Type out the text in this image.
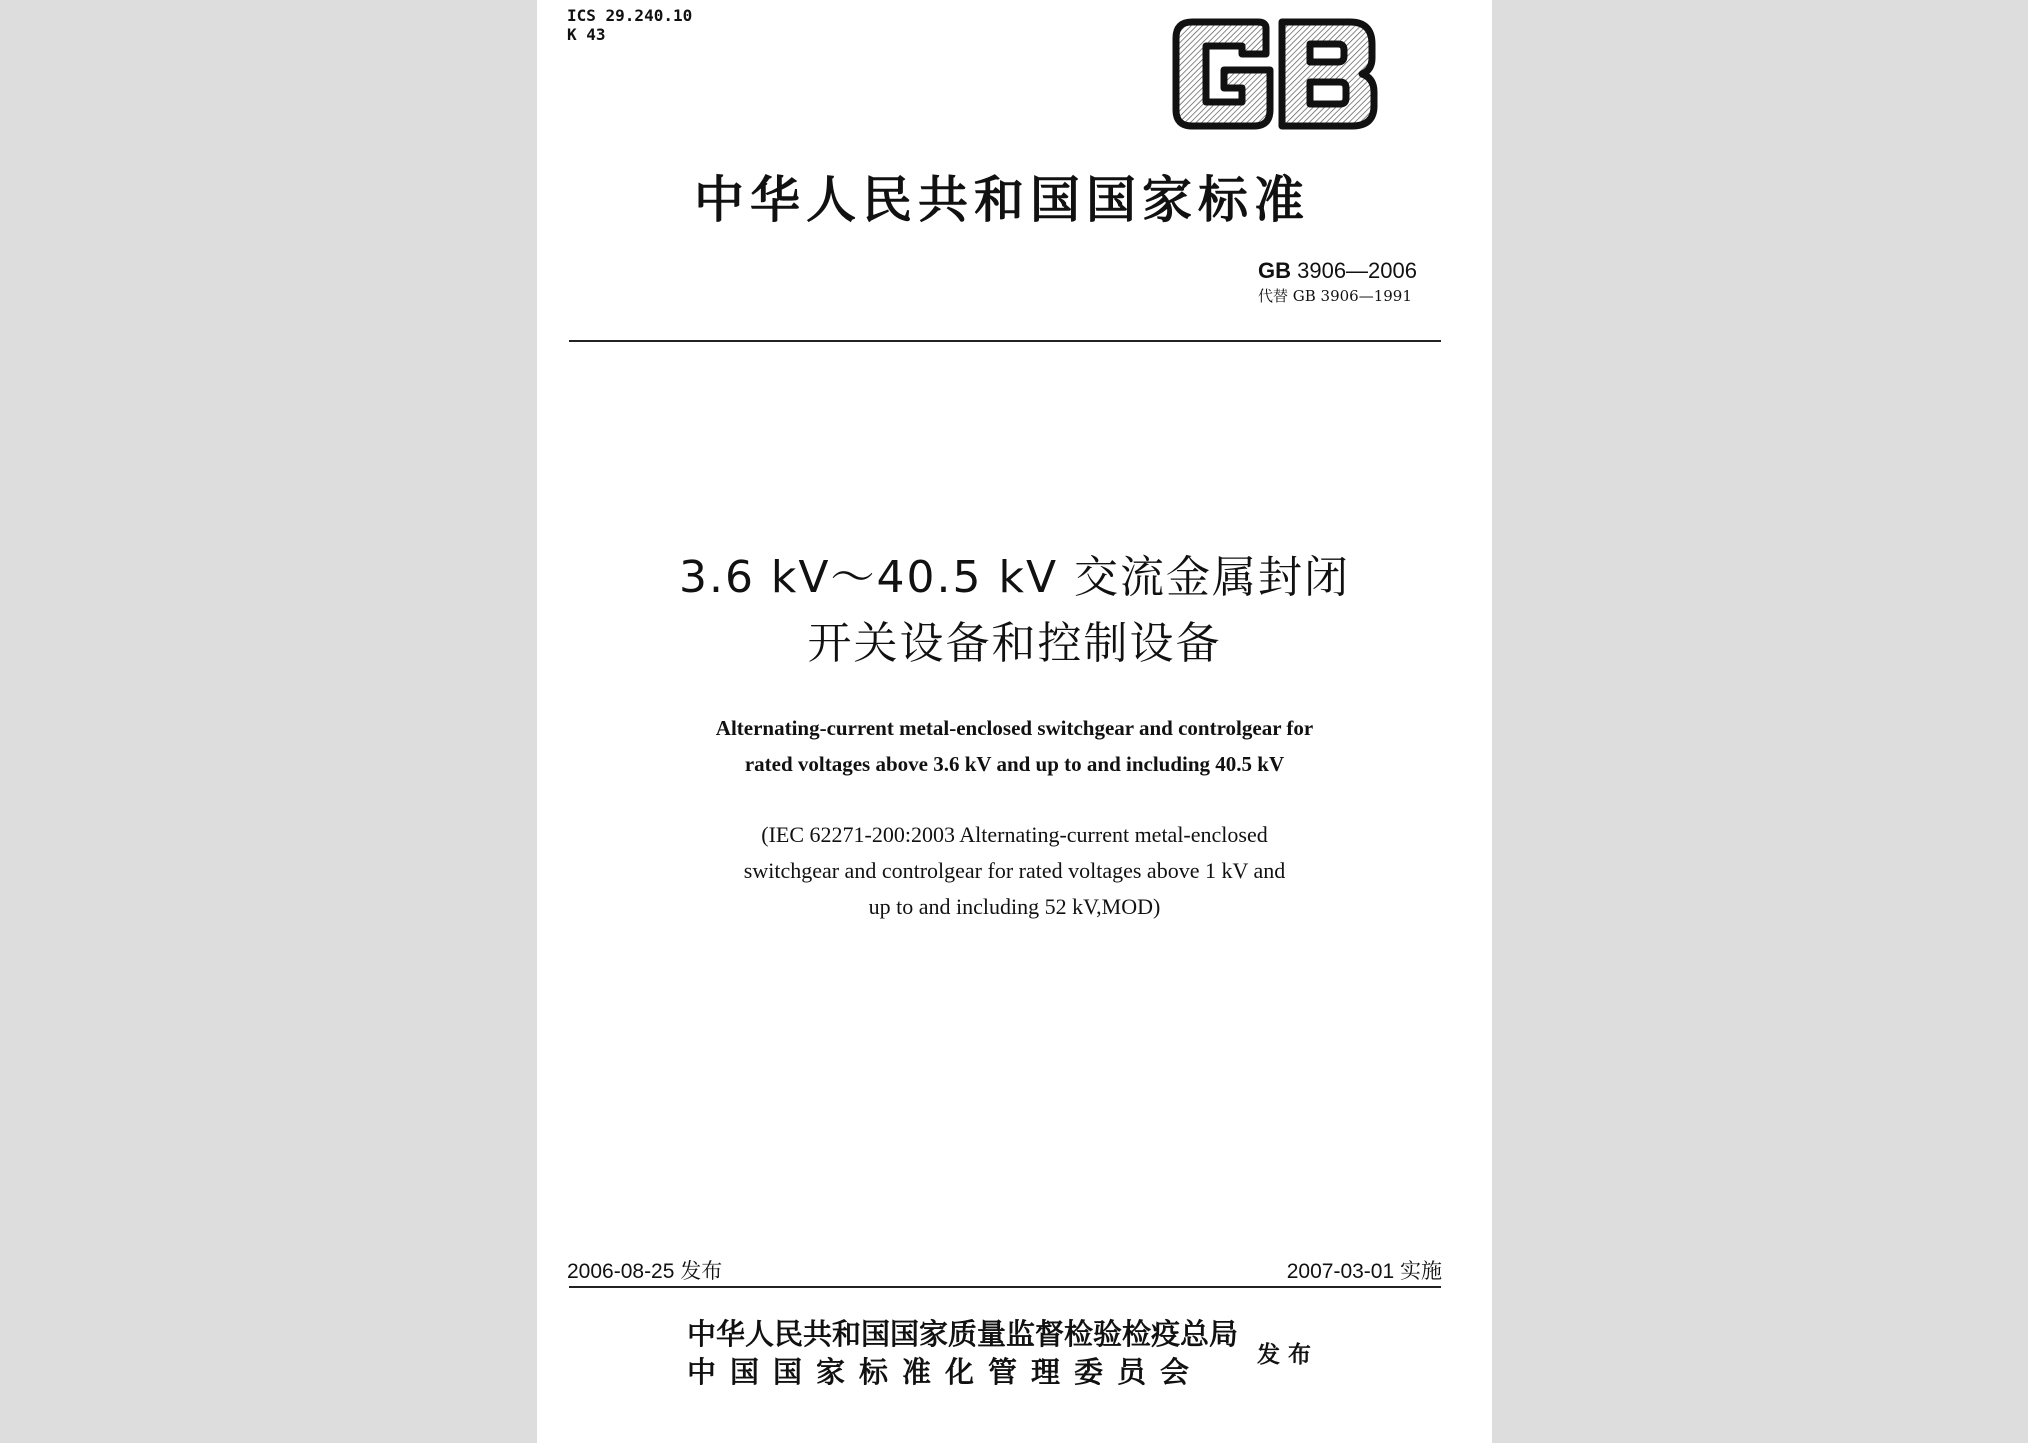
ICS 29.240.10
K 43
中华人民共和国国家标准
GB 3906—2006
代替 GB 3906—1991
3.6 kV～40.5 kV 交流金属封闭
开关设备和控制设备
Alternating-current metal-enclosed switchgear and controlgear for
rated voltages above 3.6 kV and up to and including 40.5 kV
(IEC 62271-200:2003 Alternating-current metal-enclosed
switchgear and controlgear for rated voltages above 1 kV and
up to and including 52 kV,MOD)
2006-08-25 发布	2007-03-01 实施
中华人民共和国国家质量监督检验检疫总局
中国国家标准化管理委员会	发布
